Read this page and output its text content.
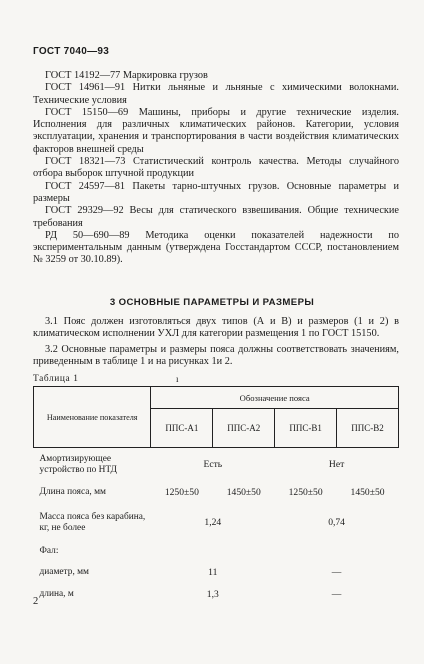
ГОСТ 7040—93

ГОСТ 14192—77 Маркировка грузов

ГОСТ 14961—91 Нитки льняные и льняные с химическими волокнами. Технические условия

ГОСТ 15150—69 Машины, приборы и другие технические изделия. Исполнения для различных климатических районов. Категории, условия эксплуатации, хранения и транспортирования в части воздействия климатических факторов внешней среды

ГОСТ 18321—73 Статистический контроль качества. Методы случайного отбора выборок штучной продукции

ГОСТ 24597—81 Пакеты тарно-штучных грузов. Основные параметры и размеры

ГОСТ 29329—92 Весы для статического взвешивания. Общие технические требования

РД 50—690—89 Методика оценки показателей надежности по экспериментальным данным (утверждена Госстандартом СССР, постановлением № 3259 от 30.10.89).

3 ОСНОВНЫЕ ПАРАМЕТРЫ И РАЗМЕРЫ

3.1 Пояс должен изготовляться двух типов (А и В) и размеров (1 и 2) в климатическом исполнении УХЛ для категории размещения 1 по ГОСТ 15150.

3.2 Основные параметры и размеры пояса должны соответствовать значениям, приведенным в таблице 1 и на рисунках 1и 2.

Таблица 1	ı
Наименование показателя	Обозначение пояса			
	ППС-А1	ППС-А2	ППС-В1	ППС-В2
Амортизирующее устройство по НТД	Есть		Нет	
Длина пояса, мм	1250±50	1450±50	1250±50	1450±50
Масса пояса без карабина, кг, не более	1,24		0,74	
Фал:				
диаметр, мм	11		—	
длина, м	1,3		—	
2
